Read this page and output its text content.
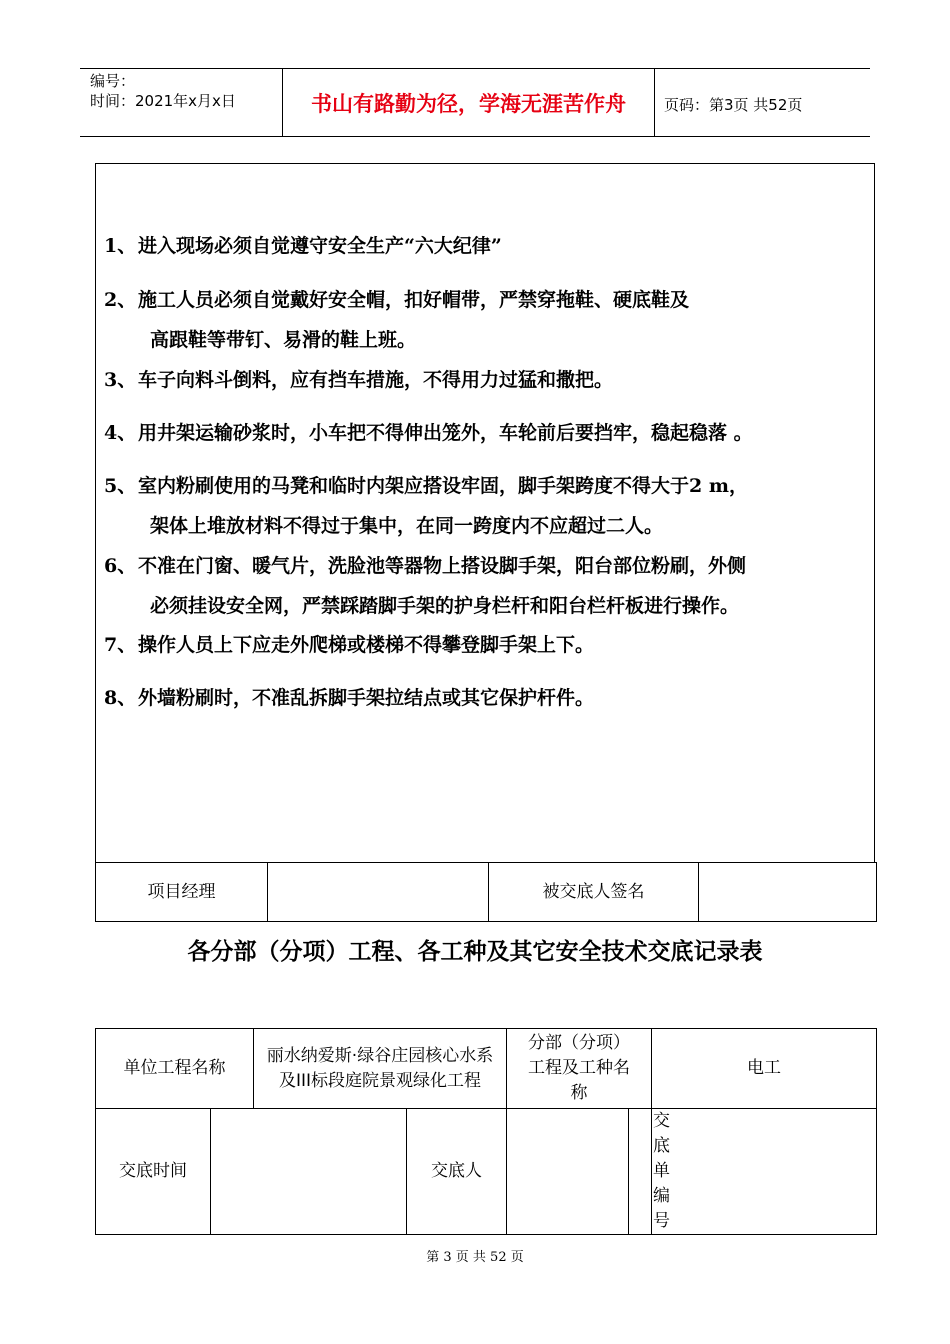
编号：
时间：2021年x月x日	书山有路勤为径，学海无涯苦作舟	页码：第3页 共52页
1、 进入现场必须自觉遵守安全生产“六大纪律”
2、 施工人员必须自觉戴好安全帽，扣好帽带，严禁穿拖鞋、硬底鞋及
高跟鞋等带钉、易滑的鞋上班。
3、 车子向料斗倒料，应有挡车措施，不得用力过猛和撒把。
4、 用井架运输砂浆时，小车把不得伸出笼外，车轮前后要挡牢，稳起稳落 。
5、 室内粉刷使用的马凳和临时内架应搭设牢固，脚手架跨度不得大于2 m，
架体上堆放材料不得过于集中，在同一跨度内不应超过二人。
6、 不准在门窗、暖气片，洗脸池等器物上搭设脚手架，阳台部位粉刷，外侧
必须挂设安全网，严禁踩踏脚手架的护身栏杆和阳台栏杆板进行操作。
7、 操作人员上下应走外爬梯或楼梯不得攀登脚手架上下。
8、 外墙粉刷时，不准乱拆脚手架拉结点或其它保护杆件。
项目经理		被交底人签名	
各分部（分项）工程、各工种及其它安全技术交底记录表
单位工程名称		丽水纳爱斯·绿谷庄园核心水系及III标段庭院景观绿化工程		分部（分项）工程及工种名称		电工
交底时间			交底人		交底单编号	
第 3 页 共 52 页
